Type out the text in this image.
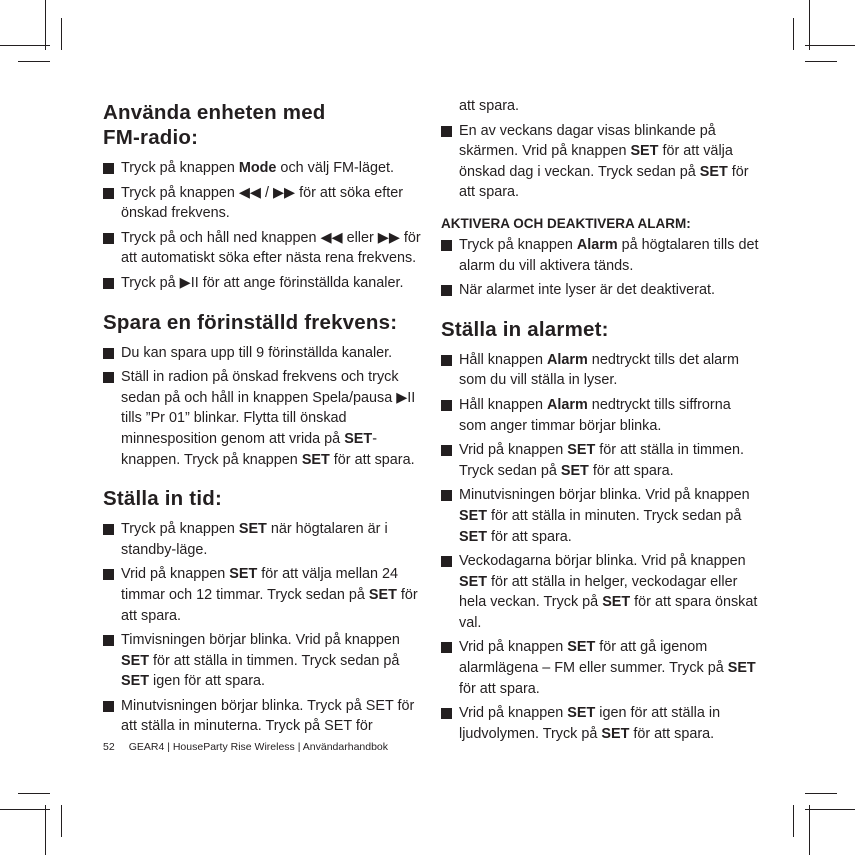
Använda enheten med FM-radio:
Tryck på knappen Mode och välj FM-läget.
Tryck på knappen ◀◀ / ▶▶ för att söka efter önskad frekvens.
Tryck på och håll ned knappen ◀◀ eller ▶▶ för att automatiskt söka efter nästa rena frekvens.
Tryck på ▶II för att ange förinställda kanaler.
Spara en förinställd frekvens:
Du kan spara upp till 9 förinställda kanaler.
Ställ in radion på önskad frekvens och tryck sedan på och håll in knappen Spela/pausa ▶II tills ”Pr 01” blinkar. Flytta till önskad minnesposition genom att vrida på SET-knappen. Tryck på knappen SET för att spara.
Ställa in tid:
Tryck på knappen SET när högtalaren är i standby-läge.
Vrid på knappen SET för att välja mellan 24 timmar och 12 timmar. Tryck sedan på SET för att spara.
Timvisningen börjar blinka. Vrid på knappen SET för att ställa in timmen. Tryck sedan på SET igen för att spara.
Minutvisningen börjar blinka. Tryck på SET för att ställa in minuterna. Tryck på SET för
att spara.
En av veckans dagar visas blinkande på skärmen. Vrid på knappen SET för att välja önskad dag i veckan. Tryck sedan på SET för att spara.
AKTIVERA OCH DEAKTIVERA ALARM:
Tryck på knappen Alarm på högtalaren tills det alarm du vill aktivera tänds.
När alarmet inte lyser är det deaktiverat.
Ställa in alarmet:
Håll knappen Alarm nedtryckt tills det alarm som du vill ställa in lyser.
Håll knappen Alarm nedtryckt tills siffrorna som anger timmar börjar blinka.
Vrid på knappen SET för att ställa in timmen. Tryck sedan på SET för att spara.
Minutvisningen börjar blinka. Vrid på knappen SET för att ställa in minuten. Tryck sedan på SET för att spara.
Veckodagarna börjar blinka. Vrid på knappen SET för att ställa in helger, veckodagar eller hela veckan. Tryck på SET för att spara önskat val.
Vrid på knappen SET för att gå igenom alarmlägena – FM eller summer. Tryck på SET för att spara.
Vrid på knappen SET igen för att ställa in ljudvolymen. Tryck på SET för att spara.
52 GEAR4 | HouseParty Rise Wireless | Användarhandbok
